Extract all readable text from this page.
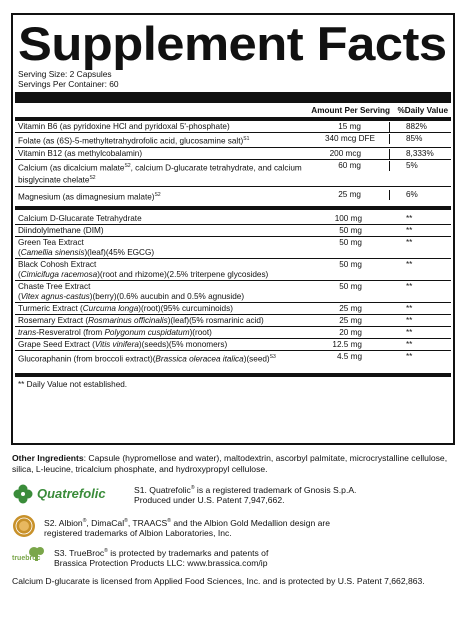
Supplement Facts
Serving Size: 2 Capsules
Servings Per Container: 60
Amount Per Serving %Daily Value
Vitamin B6 (as pyridoxine HCl and pyridoxal 5'-phosphate)	15 mg	882%
Folate (as (6S)-5-methyltetrahydrofolic acid, glucosamine salt)$^{S1}$	340 mcg DFE	85%
Vitamin B12 (as methylcobalamin)	200 mcg	8,333%
Calcium (as dicalcium malate$^{S2}$, calcium D-glucarate tetrahydrate, and calcium bisglycinate chelate$^{S2}$
60 mg	5%
Magnesium (as dimagnesium malate)$^{S2}$	25 mg	6%
Calcium D-Glucarate Tetrahydrate	100 mg	**
Diindolylmethane (DIM)	50 mg	**
Green Tea Extract
(Camellia sinensis)(leaf)(45% EGCG)
50 mg	**
Black Cohosh Extract
(Cimicifuga racemosa)(root and rhizome)(2.5% triterpene glycosides)
50 mg	**
Chaste Tree Extract
(Vitex agnus-castus)(berry)(0.6% aucubin and 0.5% agnuside)
50 mg	**
Turmeric Extract (Curcuma longa)(root)(95% curcuminoids)	25 mg	**
Rosemary Extract (Rosmarinus officinalis)(leaf)(5% rosmarinic acid)	25 mg	**
trans-Resveratrol (from Polygonum cuspidatum)(root)	20 mg	**
Grape Seed Extract (Vitis vinifera)(seeds)(5% monomers)	12.5 mg	**
Glucoraphanin (from broccoli extract)(Brassica oleracea italica)(seed)$^{S3}$	4.5 mg	**
** Daily Value not established.
Other Ingredients: Capsule (hypromellose and water), maltodextrin, ascorbyl palmitate, microcrystalline cellulose, silica, L-leucine, tricalcium phosphate, and hydroxypropyl cellulose.
Quatrefolic	S1. Quatrefolic® is a registered trademark of Gnosis S.p.A.
Produced under U.S. Patent 7,947,662.
S2. Albion®, DimaCal®, TRAACS® and the Albion Gold Medallion design are
registered trademarks of Albion Laboratories, Inc.
truebroc
S3. TrueBroc® is protected by trademarks and patents of
Brassica Protection Products LLC: www.brassica.com/ip
Calcium D-glucarate is licensed from Applied Food Sciences, Inc. and is protected by U.S. Patent 7,662,863.
